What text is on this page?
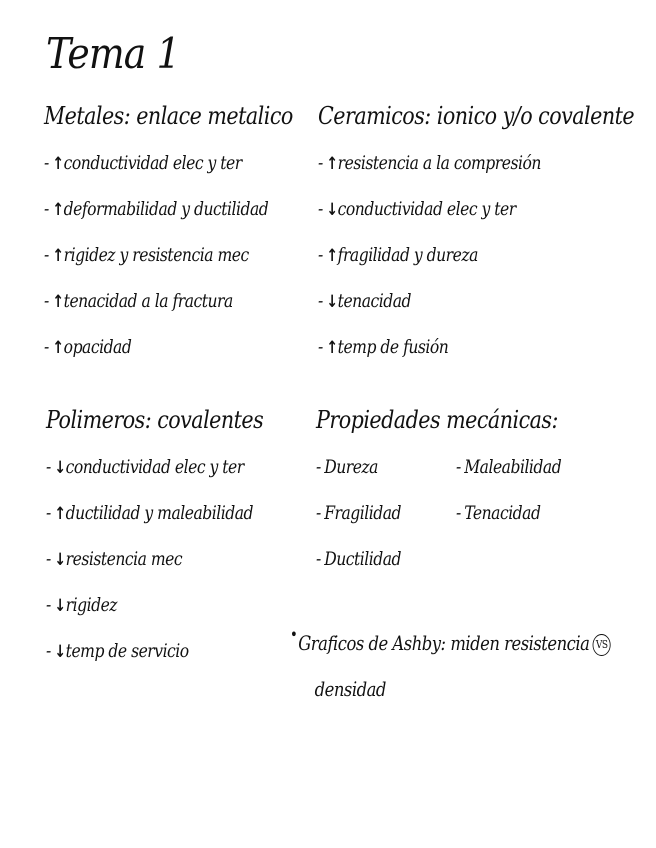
Tema 1
Metales: enlace metalico
- ↑conductividad elec y ter
- ↑deformabilidad y ductilidad
- ↑rigidez y resistencia mec
- ↑tenacidad a la fractura
- ↑opacidad
Ceramicos: ionico y/o covalente
- ↑resistencia a la compresión
- ↓conductividad elec y ter
- ↑fragilidad y dureza
- ↓tenacidad
- ↑temp de fusión
Polimeros: covalentes
- ↓conductividad elec y ter
- ↑ductilidad y maleabilidad
- ↓resistencia mec
- ↓rigidez
- ↓temp de servicio
Propiedades mecánicas:
- Dureza
- Fragilidad
- Ductilidad
- Maleabilidad
- Tenacidad
•Graficos de Ashby: miden resistencia VS
densidad
